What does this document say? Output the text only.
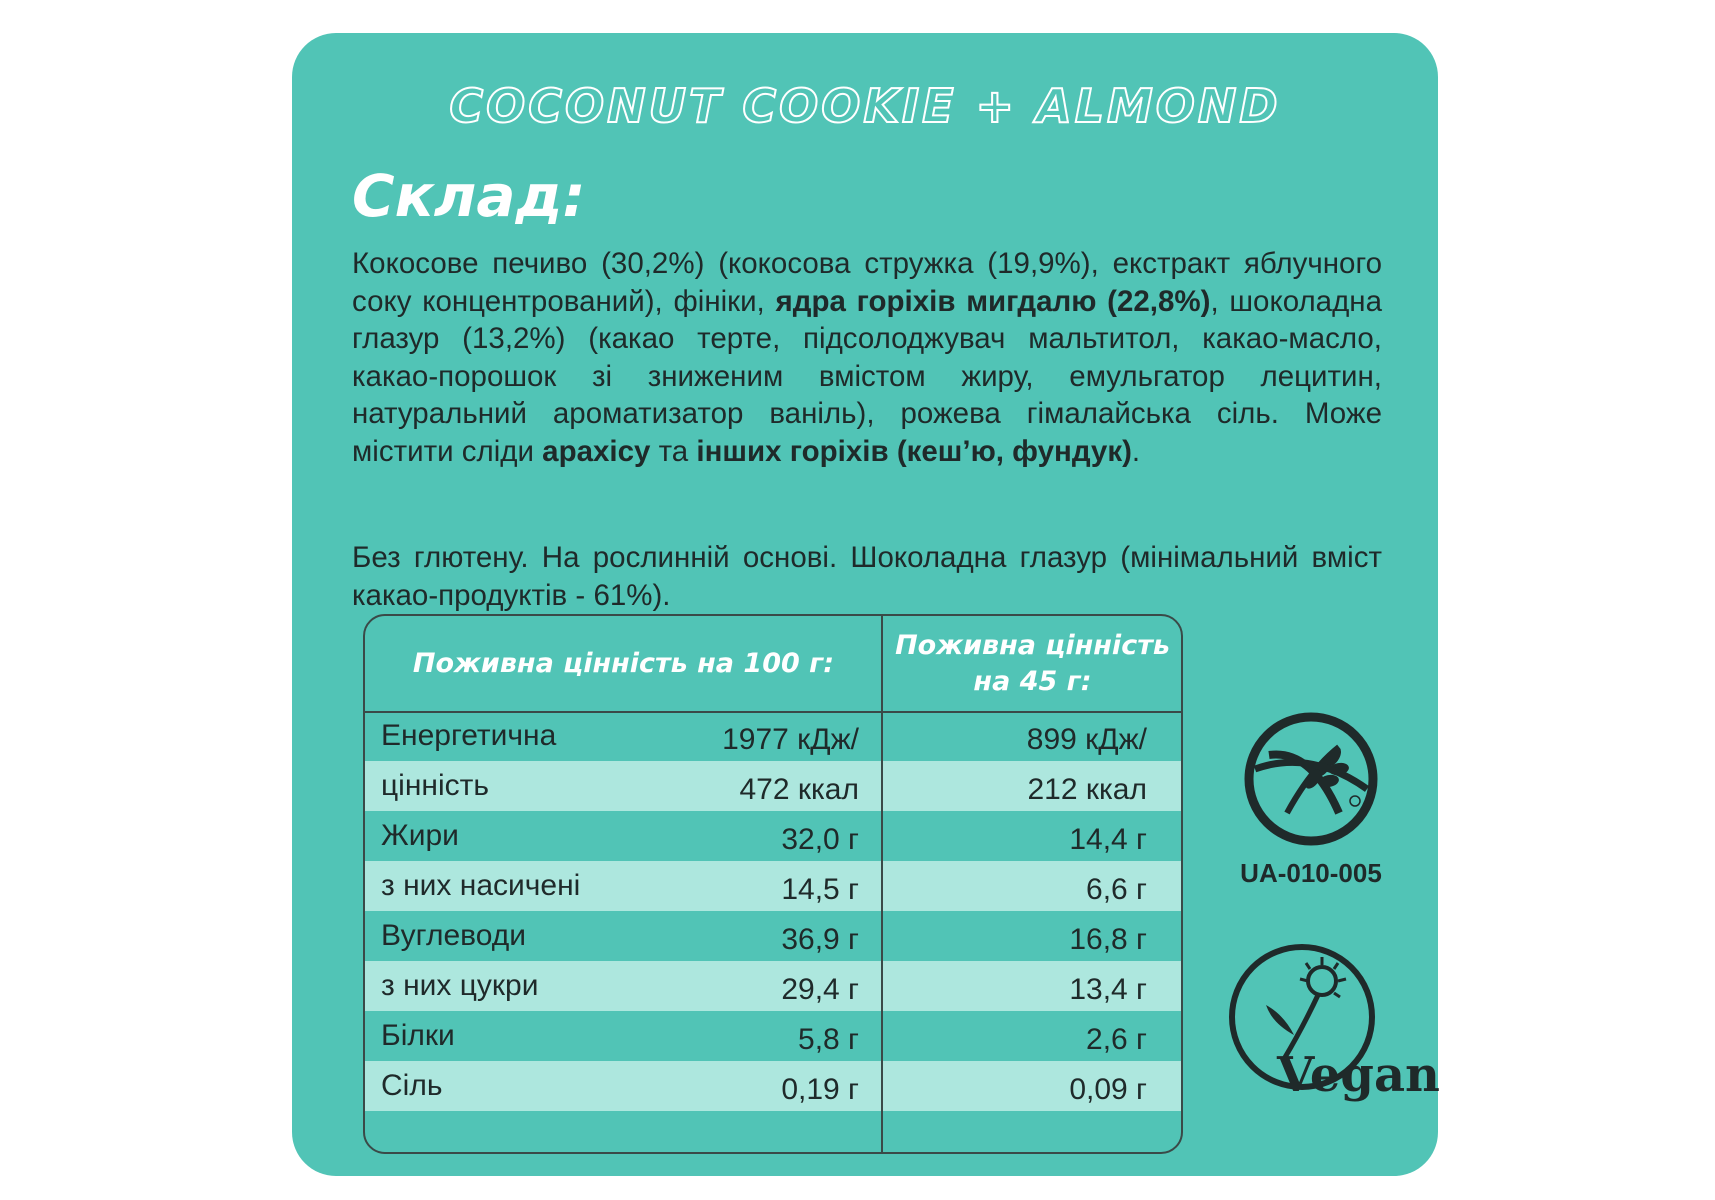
COCONUT COOKIE + ALMOND
Склад:
Кокосове печиво (30,2%) (кокосова стружка (19,9%), екстракт яблучного соку концентрований), фініки, ядра горіхів мигдалю (22,8%), шоколадна глазур (13,2%) (какао терте, підсолоджувач мальтитол, какао-масло, какао-порошок зі зниженим вмістом жиру, емульгатор лецитин, натуральний ароматизатор ваніль), рожева гімалайська сіль. Може містити сліди арахісу та інших горіхів (кеш’ю, фундук).
Без глютену. На рослинній основі. Шоколадна глазур (мінімальний вміст какао-продуктів - 61%).
Поживна цінність на 100 г:
Поживна цінність на 45 г:
Енергетична	1977 кДж/	899 кДж/
цінність	472 ккал	212 ккал
Жири	32,0 г	14,4 г
з них насичені	14,5 г	6,6 г
Вуглеводи	36,9 г	16,8 г
з них цукри	29,4 г	13,4 г
Білки	5,8 г	2,6 г
Сіль	0,19 г	0,09 г
UA-010-005
Vegan
